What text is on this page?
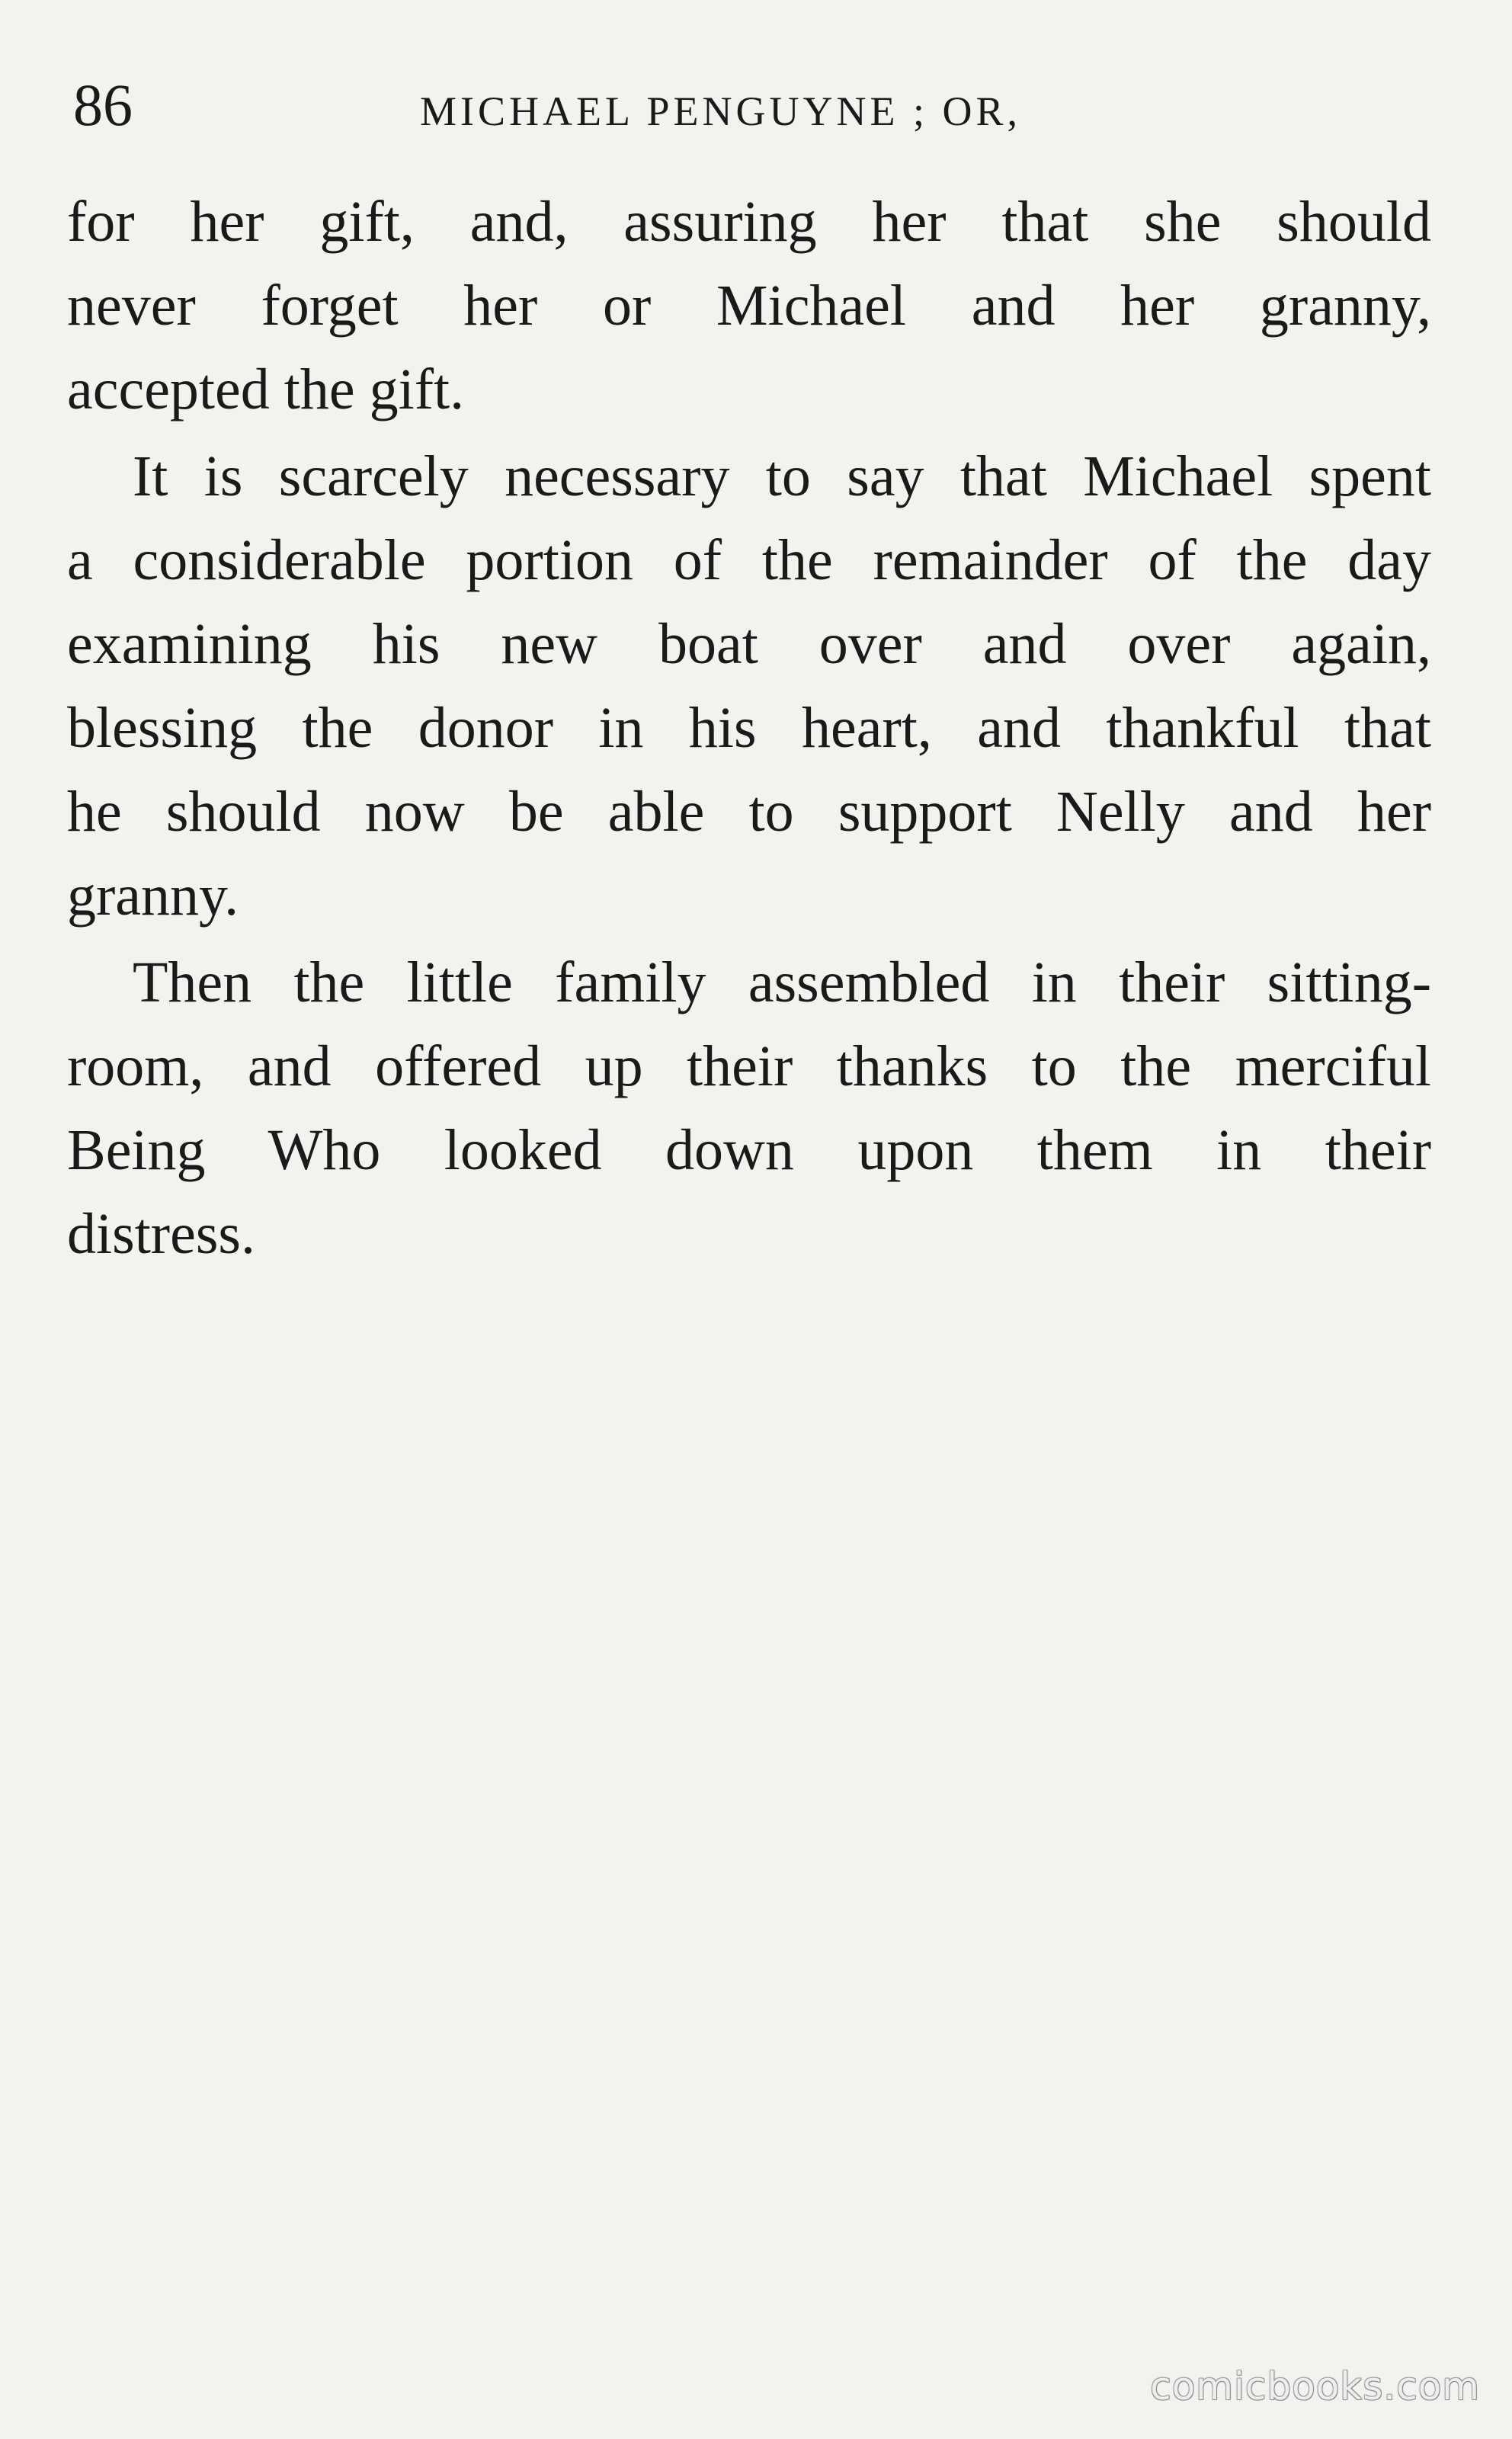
86	MICHAEL PENGUYNE ; OR,

for her gift, and, assuring her that she should
never forget her or Michael and her granny,
accepted the gift.

It is scarcely necessary to say that Michael spent
a considerable portion of the remainder of the day
examining his new boat over and over again,
blessing the donor in his heart, and thankful that
he should now be able to support Nelly and her
granny.

Then the little family assembled in their sitting-
room, and offered up their thanks to the merciful
Being Who looked down upon them in their
distress.

comicbooks.com
